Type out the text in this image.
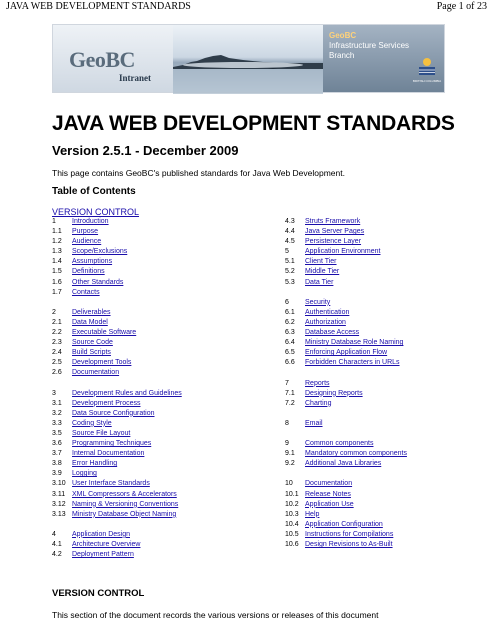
JAVA WEB DEVELOPMENT STANDARDS	Page 1 of 23
GeoBC
Intranet
GeoBC
Infrastructure Services
Branch
BRITISH COLUMBIA
JAVA WEB DEVELOPMENT STANDARDS
Version 2.5.1 - December 2009
This page contains GeoBC's published standards for Java Web Development.
Table of Contents
VERSION CONTROL
1	Introduction
1.1	Purpose
1.2	Audience
1.3	Scope/Exclusions
1.4	Assumptions
1.5	Definitions
1.6	Other Standards
1.7	Contacts
2	Deliverables
2.1	Data Model
2.2	Executable Software
2.3	Source Code
2.4	Build Scripts
2.5	Development Tools
2.6	Documentation
3	Development Rules and Guidelines
3.1	Development Process
3.2	Data Source Configuration
3.3	Coding Style
3.5	Source File Layout
3.6	Programming Techniques
3.7	Internal Documentation
3.8	Error Handling
3.9	Logging
3.10 User Interface Standards
3.11 XML Compressors & Accelerators
3.12 Naming & Versioning Conventions
3.13 Ministry Database Object Naming
4	Application Design
4.1	Architecture Overview
4.2	Deployment Pattern
4.3	Struts Framework
4.4	Java Server Pages
4.5	Persistence Layer
5	Application Environment
5.1	Client Tier
5.2	Middle Tier
5.3	Data Tier
6	Security
6.1	Authentication
6.2	Authorization
6.3	Database Access
6.4	Ministry Database Role Naming
6.5	Enforcing Application Flow
6.6	Forbidden Characters in URLs
7	Reports
7.1	Designing Reports
7.2	Charting
8	Email
9	Common components
9.1	Mandatory common components
9.2	Additional Java Libraries
10	Documentation
10.1 Release Notes
10.2 Application Use
10.3 Help
10.4 Application Configuration
10.5 Instructions for Compilations
10.6 Design Revisions to As-Built
VERSION CONTROL
This section of the document records the various versions or releases of this document
